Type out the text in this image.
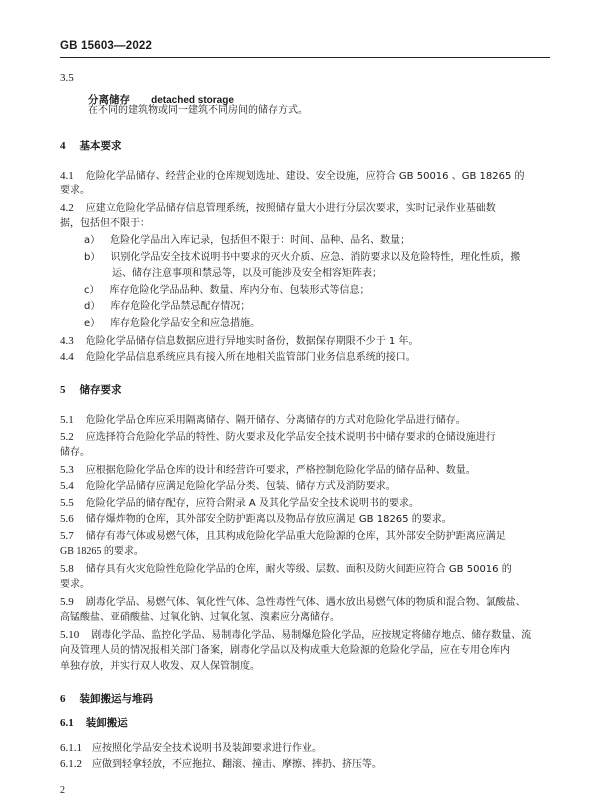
GB 15603—2022
3.5
分离储存 detached storage
在不同的建筑物或同一建筑不同房间的储存方式。
4 基本要求
4.1 危险化学品储存、经营企业的仓库规划选址、建设、安全设施，应符合 GB 50016 、GB 18265 的
要求。
4.2 应建立危险化学品储存信息管理系统，按照储存量大小进行分层次要求，实时记录作业基础数
据，包括但不限于：
a） 危险化学品出入库记录，包括但不限于：时间、品种、品名、数量；
b） 识别化学品安全技术说明书中要求的灭火介质、应急、消防要求以及危险特性，理化性质，搬
运、储存注意事项和禁忌等，以及可能涉及安全相容矩阵表；
c） 库存危险化学品品种、数量、库内分布、包装形式等信息；
d） 库存危险化学品禁忌配存情况；
e） 库存危险化学品安全和应急措施。
4.3 危险化学品储存信息数据应进行异地实时备份，数据保存期限不少于 1 年。
4.4 危险化学品信息系统应具有接入所在地相关监管部门业务信息系统的接口。
5 储存要求
5.1 危险化学品仓库应采用隔离储存、隔开储存、分离储存的方式对危险化学品进行储存。
5.2 应选择符合危险化学品的特性、防火要求及化学品安全技术说明书中储存要求的仓储设施进行
储存。
5.3 应根据危险化学品仓库的设计和经营许可要求，严格控制危险化学品的储存品种、数量。
5.4 危险化学品储存应满足危险化学品分类、包装、储存方式及消防要求。
5.5 危险化学品的储存配存，应符合附录 A 及其化学品安全技术说明书的要求。
5.6 储存爆炸物的仓库，其外部安全防护距离以及物品存放应满足 GB 18265 的要求。
5.7 储存有毒气体或易燃气体，且其构成危险化学品重大危险源的仓库，其外部安全防护距离应满足
GB 18265 的要求。
5.8 储存具有火灾危险性危险化学品的仓库，耐火等级、层数、面积及防火间距应符合 GB 50016 的
要求。
5.9 剧毒化学品、易燃气体、氧化性气体、急性毒性气体、遇水放出易燃气体的物质和混合物、氯酸盐、
高锰酸盐、亚硝酸盐、过氧化钠、过氧化氢、溴素应分离储存。
5.10 剧毒化学品、监控化学品、易制毒化学品、易制爆危险化学品，应按规定将储存地点、储存数量、流
向及管理人员的情况报相关部门备案，剧毒化学品以及构成重大危险源的危险化学品，应在专用仓库内
单独存放，并实行双人收发、双人保管制度。
6 装卸搬运与堆码
6.1 装卸搬运
6.1.1 应按照化学品安全技术说明书及装卸要求进行作业。
6.1.2 应做到轻拿轻放，不应拖拉、翻滚、撞击、摩擦、摔扔、挤压等。
2
